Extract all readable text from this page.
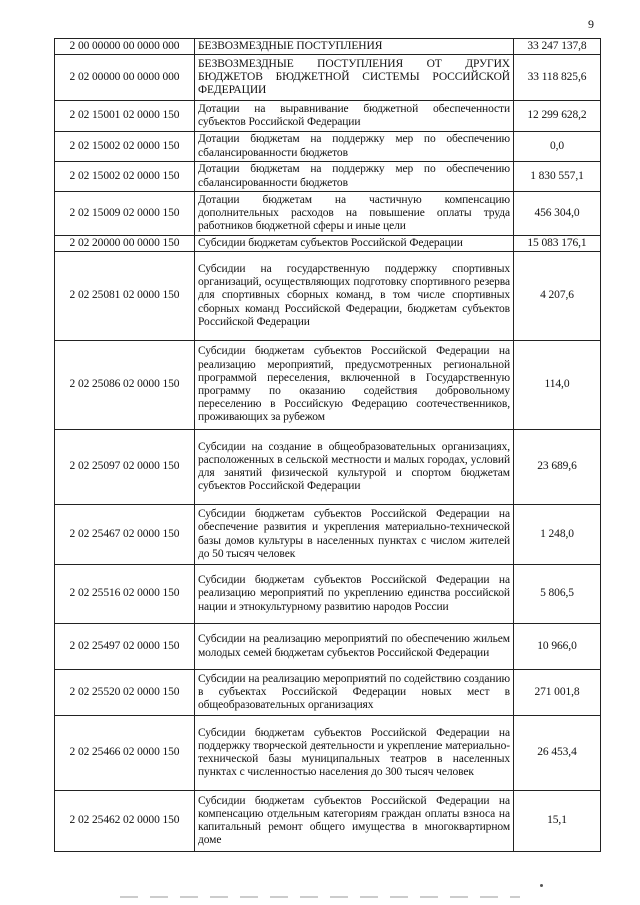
9
2 00 00000 00 0000 000	БЕЗВОЗМЕЗДНЫЕ ПОСТУПЛЕНИЯ	33 247 137,8
2 02 00000 00 0000 000	БЕЗВОЗМЕЗДНЫЕ ПОСТУПЛЕНИЯ ОТ ДРУГИХ БЮДЖЕТОВ БЮДЖЕТНОЙ СИСТЕМЫ РОССИЙСКОЙ ФЕДЕРАЦИИ	33 118 825,6
2 02 15001 02 0000 150	Дотации на выравнивание бюджетной обеспеченности субъектов Российской Федерации	12 299 628,2
2 02 15002 02 0000 150	Дотации бюджетам на поддержку мер по обеспечению сбалансированности бюджетов	0,0
2 02 15002 02 0000 150	Дотации бюджетам на поддержку мер по обеспечению сбалансированности бюджетов	1 830 557,1
2 02 15009 02 0000 150	Дотации бюджетам на частичную компенсацию дополнительных расходов на повышение оплаты труда работников бюджетной сферы и иные цели	456 304,0
2 02 20000 00 0000 150	Субсидии бюджетам субъектов Российской Федерации	15 083 176,1
2 02 25081 02 0000 150	Субсидии на государственную поддержку спортивных организаций, осуществляющих подготовку спортивного резерва для спортивных сборных команд, в том числе спортивных сборных команд Российской Федерации, бюджетам субъектов Российской Федерации	4 207,6
2 02 25086 02 0000 150	Субсидии бюджетам субъектов Российской Федерации на реализацию мероприятий, предусмотренных региональной программой переселения, включенной в Государственную программу по оказанию содействия добровольному переселению в Российскую Федерацию соотечественников, проживающих за рубежом	114,0
2 02 25097 02 0000 150	Субсидии на создание в общеобразовательных организациях, расположенных в сельской местности и малых городах, условий для занятий физической культурой и спортом бюджетам субъектов Российской Федерации	23 689,6
2 02 25467 02 0000 150	Субсидии бюджетам субъектов Российской Федерации на обеспечение развития и укрепления материально-технической базы домов культуры в населенных пунктах с числом жителей до 50 тысяч человек	1 248,0
2 02 25516 02 0000 150	Субсидии бюджетам субъектов Российской Федерации на реализацию мероприятий по укреплению единства российской нации и этнокультурному развитию народов России	5 806,5
2 02 25497 02 0000 150	Субсидии на реализацию мероприятий по обеспечению жильем молодых семей бюджетам субъектов Российской Федерации	10 966,0
2 02 25520 02 0000 150	Субсидии на реализацию мероприятий по содействию созданию в субъектах Российской Федерации новых мест в общеобразовательных организациях	271 001,8
2 02 25466 02 0000 150	Субсидии бюджетам субъектов Российской Федерации на поддержку творческой деятельности и укрепление материально-технической базы муниципальных театров в населенных пунктах с численностью населения до 300 тысяч человек	26 453,4
2 02 25462 02 0000 150	Субсидии бюджетам субъектов Российской Федерации на компенсацию отдельным категориям граждан оплаты взноса на капитальный ремонт общего имущества в многоквартирном доме	15,1
